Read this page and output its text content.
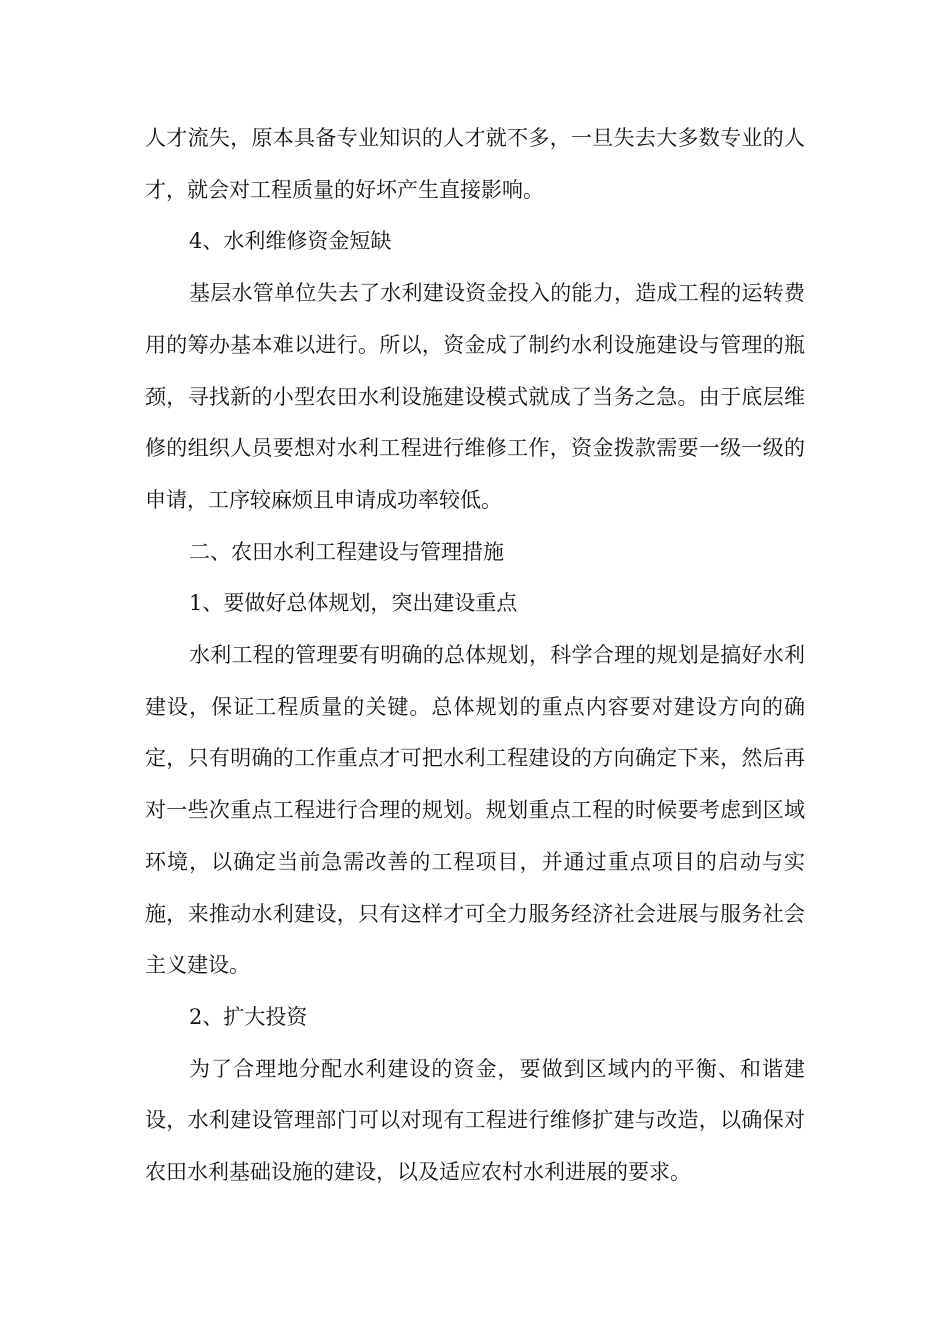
人才流失，原本具备专业知识的人才就不多，一旦失去大多数专业的人才，就会对工程质量的好坏产生直接影响。

4、水利维修资金短缺

基层水管单位失去了水利建设资金投入的能力，造成工程的运转费用的筹办基本难以进行。所以，资金成了制约水利设施建设与管理的瓶颈，寻找新的小型农田水利设施建设模式就成了当务之急。由于底层维修的组织人员要想对水利工程进行维修工作，资金拨款需要一级一级的申请，工序较麻烦且申请成功率较低。

二、农田水利工程建设与管理措施

1、要做好总体规划，突出建设重点

水利工程的管理要有明确的总体规划，科学合理的规划是搞好水利建设，保证工程质量的关键。总体规划的重点内容要对建设方向的确定，只有明确的工作重点才可把水利工程建设的方向确定下来，然后再对一些次重点工程进行合理的规划。规划重点工程的时候要考虑到区域环境，以确定当前急需改善的工程项目，并通过重点项目的启动与实施，来推动水利建设，只有这样才可全力服务经济社会进展与服务社会主义建设。

2、扩大投资

为了合理地分配水利建设的资金，要做到区域内的平衡、和谐建设，水利建设管理部门可以对现有工程进行维修扩建与改造，以确保对农田水利基础设施的建设，以及适应农村水利进展的要求。
